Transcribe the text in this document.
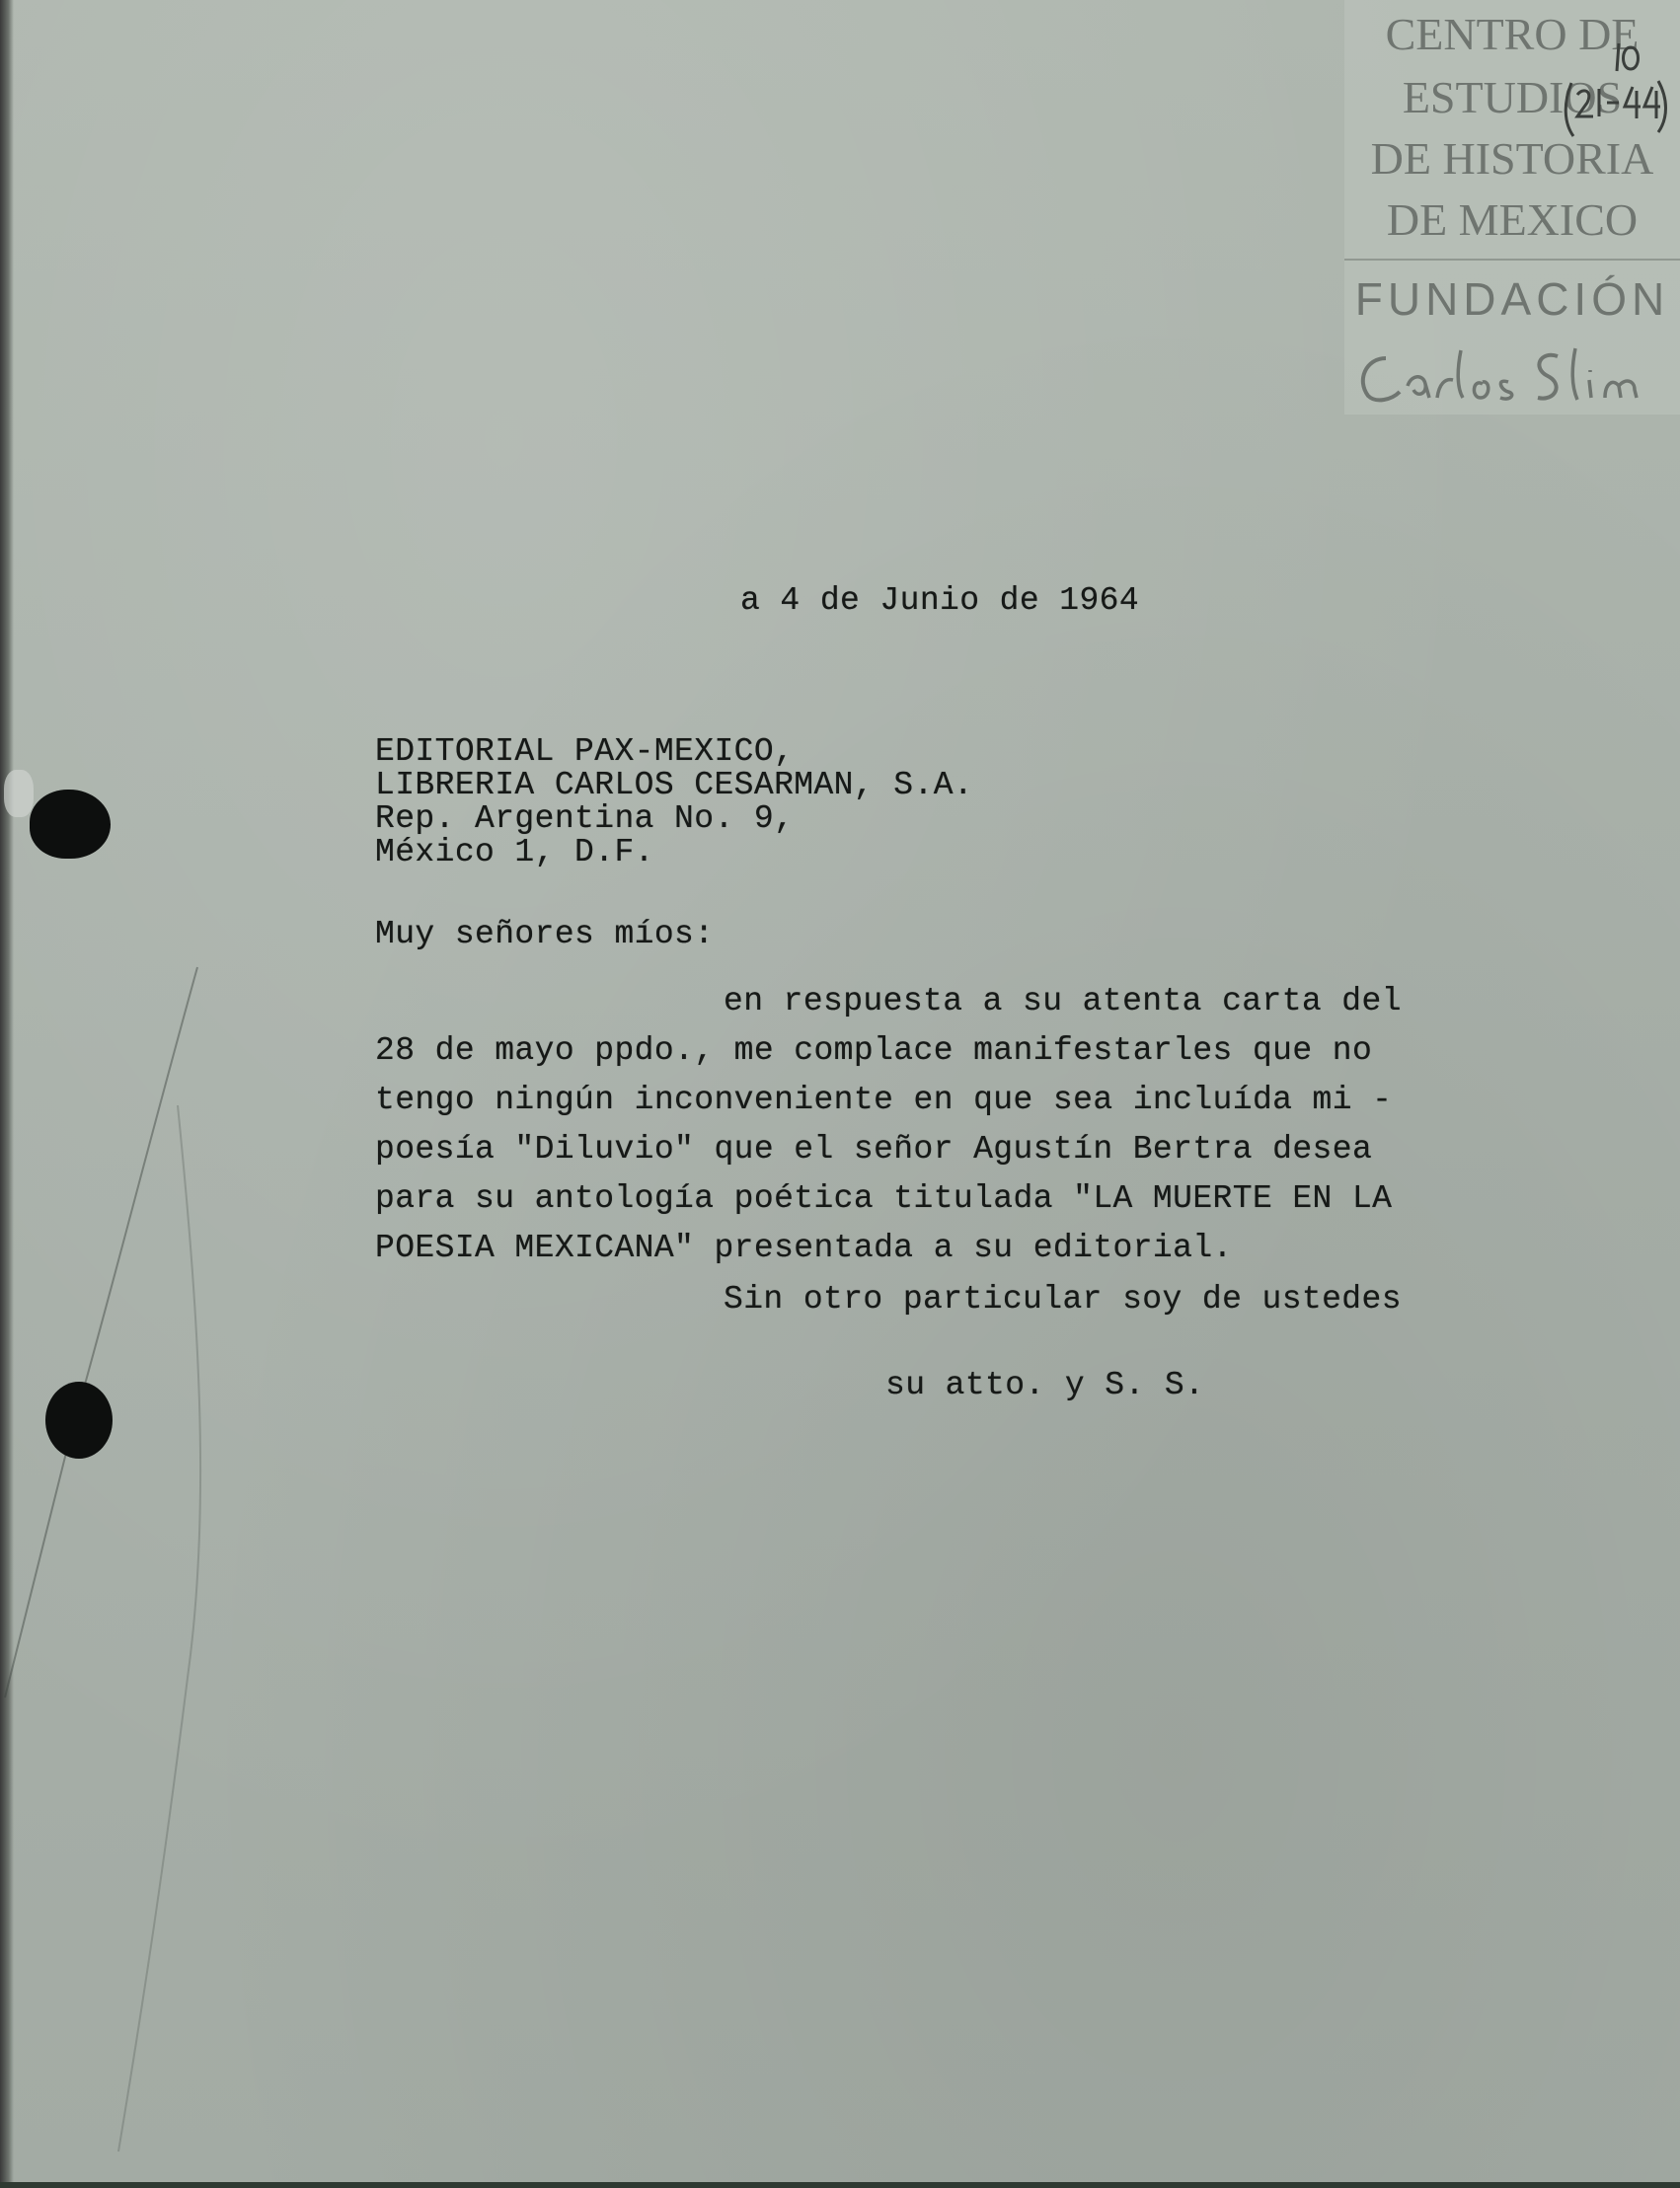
CENTRO DE
ESTUDIOS
DE HISTORIA
DE MEXICO
FUNDACIÓN
a 4 de Junio de 1964
EDITORIAL PAX-MEXICO,
LIBRERIA CARLOS CESARMAN, S.A.
Rep. Argentina No. 9,
México 1, D.F.
Muy señores míos:
en respuesta a su atenta carta del
28 de mayo ppdo., me complace manifestarles que no
tengo ningún inconveniente en que sea incluída mi -
poesía "Diluvio" que el señor Agustín Bertra desea
para su antología poética titulada "LA MUERTE EN LA
POESIA MEXICANA" presentada a su editorial.
Sin otro particular soy de ustedes
su atto. y S. S.
